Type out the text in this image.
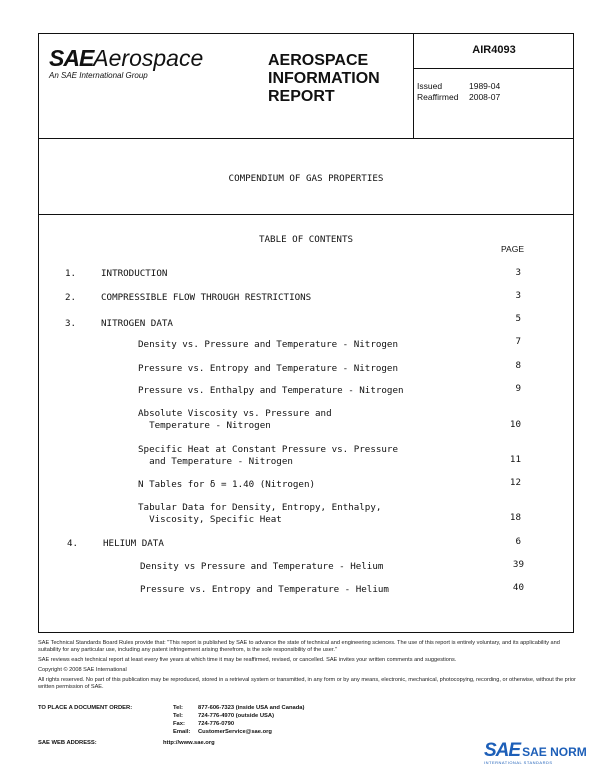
SAEAerospace
An SAE International Group
AEROSPACE
INFORMATION
REPORT
AIR4093
Issued	1989-04
Reaffirmed	2008-07
COMPENDIUM OF GAS PROPERTIES
TABLE OF CONTENTS
PAGE
1.	INTRODUCTION	3
2.	COMPRESSIBLE FLOW THROUGH RESTRICTIONS	3
3.	NITROGEN DATA	5
Density vs. Pressure and Temperature - Nitrogen	7
Pressure vs. Entropy and Temperature - Nitrogen	8
Pressure vs. Enthalpy and Temperature - Nitrogen	9
Absolute Viscosity vs. Pressure and
Temperature - Nitrogen	10
Specific Heat at Constant Pressure vs. Pressure
and Temperature - Nitrogen	11
N Tables for δ = 1.40 (Nitrogen)	12
Tabular Data for Density, Entropy, Enthalpy,
Viscosity, Specific Heat	18
4.	HELIUM DATA	6
Density vs Pressure and Temperature - Helium	39
Pressure vs. Entropy and Temperature - Helium	40

SAE Technical Standards Board Rules provide that: "This report is published by SAE to advance the state of technical and engineering sciences. The use of this report is entirely voluntary, and its applicability and suitability for any particular use, including any patent infringement arising therefrom, is the sole responsibility of the user."

SAE reviews each technical report at least every five years at which time it may be reaffirmed, revised, or cancelled. SAE invites your written comments and suggestions.

Copyright © 2008 SAE International

All rights reserved. No part of this publication may be reproduced, stored in a retrieval system or transmitted, in any form or by any means, electronic, mechanical, photocopying, recording, or otherwise, without the prior written permission of SAE.

TO PLACE A DOCUMENT ORDER:	Tel:	877-606-7323 (inside USA and Canada)
Tel:	724-776-4970 (outside USA)
Fax:	724-776-0790
Email:	CustomerService@sae.org
SAE WEB ADDRESS:	http://www.sae.org	SAE SAE NORM
INTERNATIONAL STANDARDS
